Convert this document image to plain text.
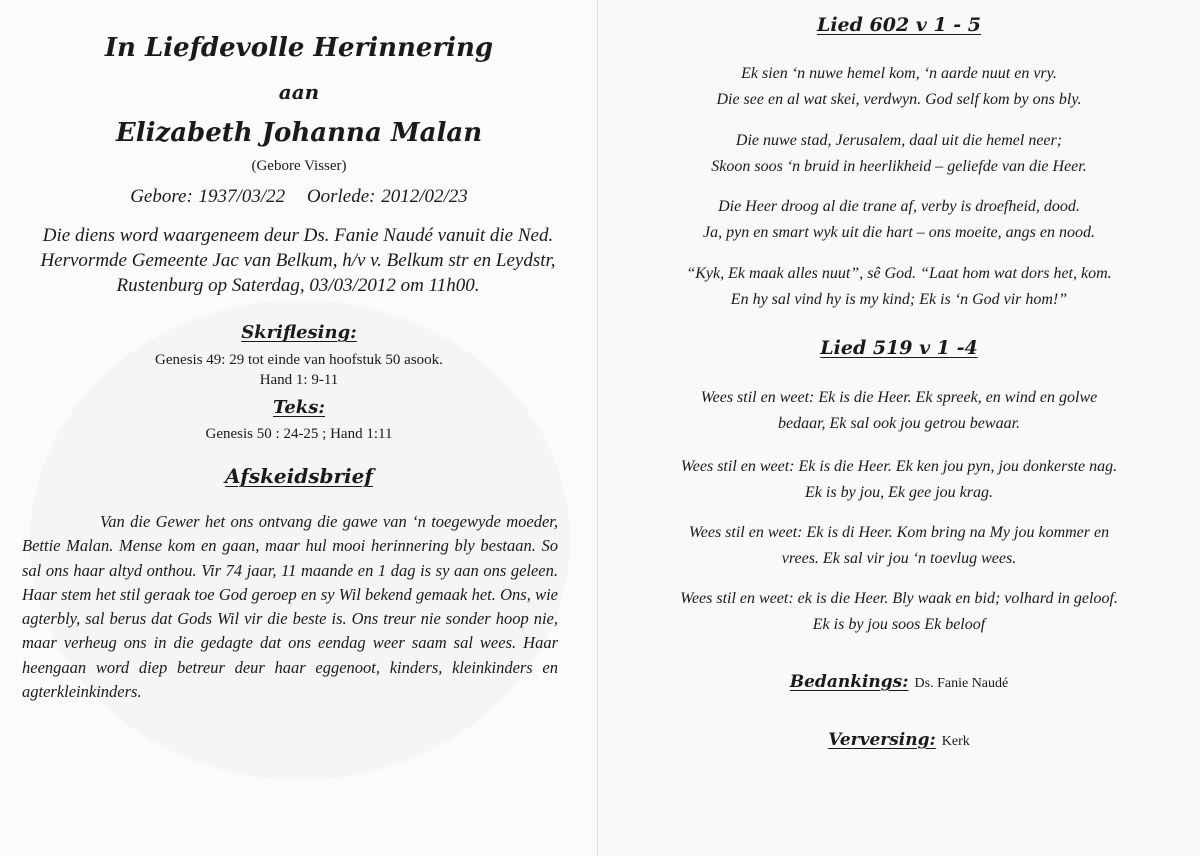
In Liefdevolle Herinnering
aan
Elizabeth Johanna Malan
(Gebore Visser)
Gebore: 1937/03/22 Oorlede: 2012/02/23
Die diens word waargeneem deur Ds. Fanie Naudé vanuit die Ned. Hervormde Gemeente Jac van Belkum, h/v v. Belkum str en Leydstr, Rustenburg op Saterdag, 03/03/2012 om 11h00.
Skriflesing:
Genesis 49: 29 tot einde van hoofstuk 50 asook.
Hand 1: 9-11
Teks:
Genesis 50 : 24-25 ; Hand 1:11
Afskeidsbrief
Van die Gewer het ons ontvang die gawe van ‘n toegewyde moeder, Bettie Malan. Mense kom en gaan, maar hul mooi herinnering bly bestaan. So sal ons haar altyd onthou. Vir 74 jaar, 11 maande en 1 dag is sy aan ons geleen. Haar stem het stil geraak toe God geroep en sy Wil bekend gemaak het. Ons, wie agterbly, sal berus dat Gods Wil vir die beste is. Ons treur nie sonder hoop nie, maar verheug ons in die gedagte dat ons eendag weer saam sal wees. Haar heengaan word diep betreur deur haar eggenoot, kinders, kleinkinders en agterkleinkinders.
Lied 602 v 1 - 5
Ek sien ‘n nuwe hemel kom, ‘n aarde nuut en vry.
Die see en al wat skei, verdwyn. God self kom by ons bly.
Die nuwe stad, Jerusalem, daal uit die hemel neer;
Skoon soos ‘n bruid in heerlikheid – geliefde van die Heer.
Die Heer droog al die trane af, verby is droefheid, dood.
Ja, pyn en smart wyk uit die hart – ons moeite, angs en nood.
“Kyk, Ek maak alles nuut”, sê God. “Laat hom wat dors het, kom.
En hy sal vind hy is my kind; Ek is ‘n God vir hom!”
Lied 519 v 1 -4
Wees stil en weet: Ek is die Heer. Ek spreek, en wind en golwe
bedaar, Ek sal ook jou getrou bewaar.
Wees stil en weet: Ek is die Heer. Ek ken jou pyn, jou donkerste nag.
Ek is by jou, Ek gee jou krag.
Wees stil en weet: Ek is di Heer. Kom bring na My jou kommer en
vrees. Ek sal vir jou ‘n toevlug wees.
Wees stil en weet: ek is die Heer. Bly waak en bid; volhard in geloof.
Ek is by jou soos Ek beloof
Bedankings: Ds. Fanie Naudé
Verversing: Kerk
